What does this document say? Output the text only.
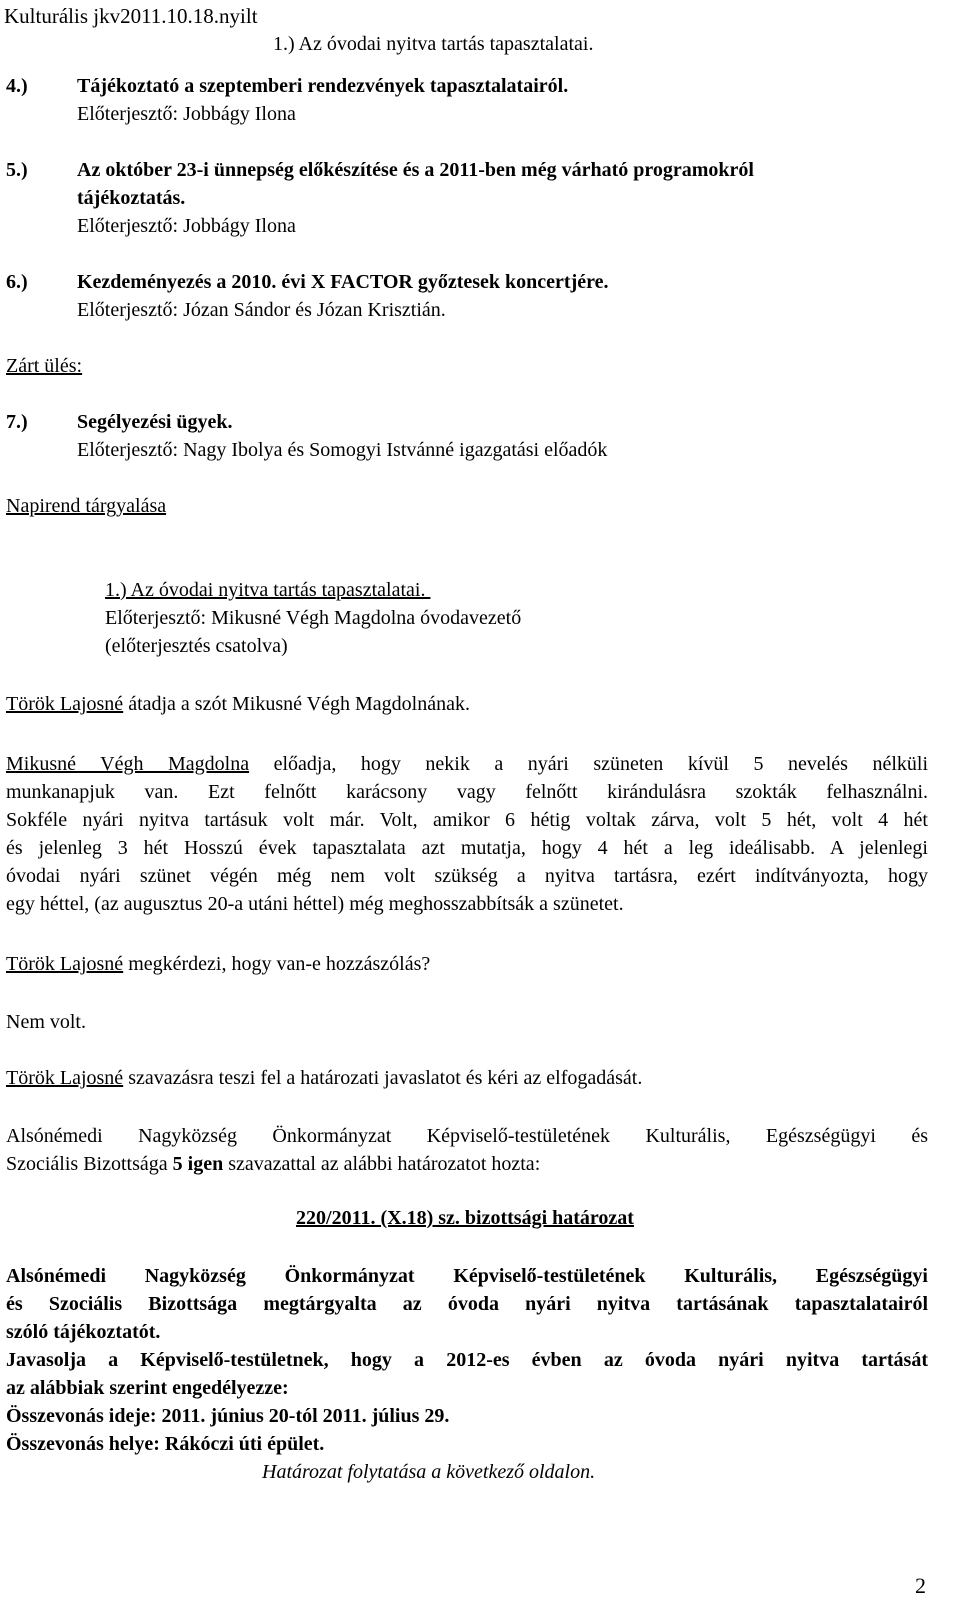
Kulturális jkv2011.10.18.nyilt
1.) Az óvodai nyitva tartás tapasztalatai.
4.) Tájékoztató a szeptemberi rendezvények tapasztalatairól.
Előterjesztő: Jobbágy Ilona
5.) Az október 23-i ünnepség előkészítése és a 2011-ben még várható programokról
tájékoztatás.
Előterjesztő: Jobbágy Ilona
6.) Kezdeményezés a 2010. évi X FACTOR győztesek koncertjére.
Előterjesztő: Józan Sándor és Józan Krisztián.
Zárt ülés:
7.) Segélyezési ügyek.
Előterjesztő: Nagy Ibolya és Somogyi Istvánné igazgatási előadók
Napirend tárgyalása
1.) Az óvodai nyitva tartás tapasztalatai.
Előterjesztő: Mikusné Végh Magdolna óvodavezető
(előterjesztés csatolva)
Török Lajosné átadja a szót Mikusné Végh Magdolnának.

Mikusné Végh Magdolna előadja, hogy nekik a nyári szüneten kívül 5 nevelés nélküli

munkanapjuk van. Ezt felnőtt karácsony vagy felnőtt kirándulásra szokták felhasználni.

Sokféle nyári nyitva tartásuk volt már. Volt, amikor 6 hétig voltak zárva, volt 5 hét, volt 4 hét

és jelenleg 3 hét Hosszú évek tapasztalata azt mutatja, hogy 4 hét a leg ideálisabb. A jelenlegi

óvodai nyári szünet végén még nem volt szükség a nyitva tartásra, ezért indítványozta, hogy

egy héttel, (az augusztus 20-a utáni héttel) még meghosszabbítsák a szünetet.

Török Lajosné megkérdezi, hogy van-e hozzászólás?
Nem volt.
Török Lajosné szavazásra teszi fel a határozati javaslatot és kéri az elfogadását.

Alsónémedi Nagyközség Önkormányzat Képviselő-testületének Kulturális, Egészségügyi és

Szociális Bizottsága 5 igen szavazattal az alábbi határozatot hozta:

220/2011. (X.18) sz. bizottsági határozat

Alsónémedi Nagyközség Önkormányzat Képviselő-testületének Kulturális, Egészségügyi

és Szociális Bizottsága megtárgyalta az óvoda nyári nyitva tartásának tapasztalatairól

szóló tájékoztatót.

Javasolja a Képviselő-testületnek, hogy a 2012-es évben az óvoda nyári nyitva tartását

az alábbiak szerint engedélyezze:

Összevonás ideje: 2011. június 20-tól 2011. július 29.

Összevonás helye: Rákóczi úti épület.

Határozat folytatása a következő oldalon.
2
